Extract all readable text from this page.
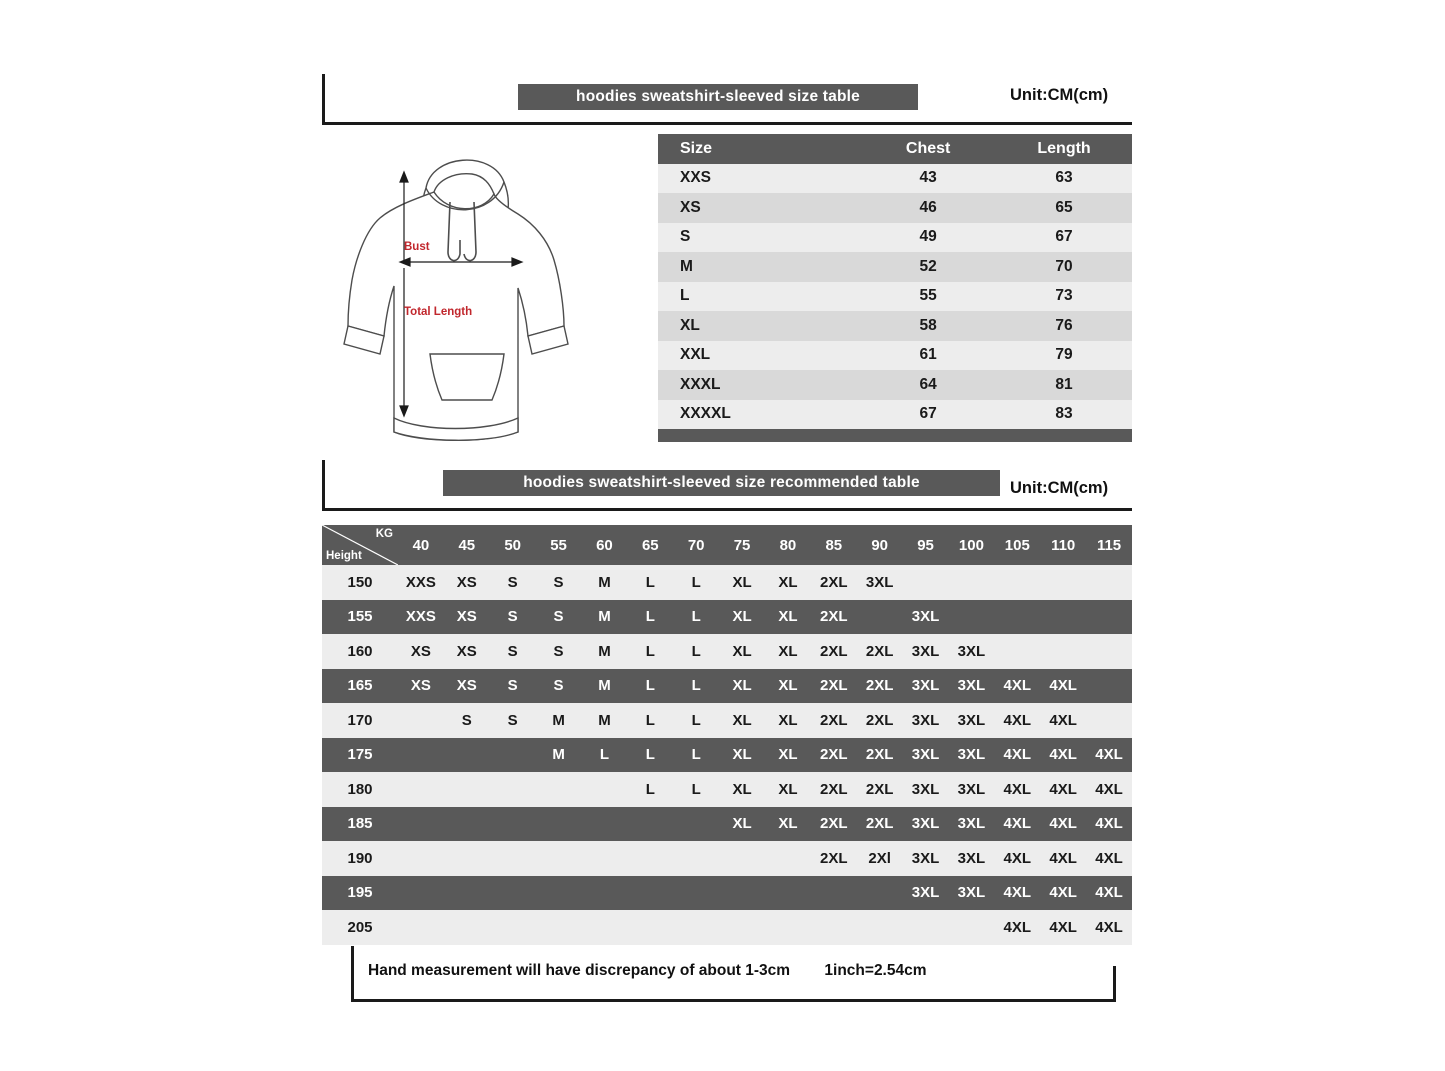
hoodies sweatshirt-sleeved size table	Unit:CM(cm)
Bust
Total Length
Size	Chest	Length
XXS	43	63
XS	46	65
S	49	67
M	52	70
L	55	73
XL	58	76
XXL	61	79
XXXL	64	81
XXXXL	67	83

hoodies sweatshirt-sleeved size recommended table	Unit:CM(cm)
KG
Height	40	45	50	55	60	65	70	75	80	85	90	95	100	105	110	115
150	XXS	XS	S	S	M	L	L	XL	XL	2XL	3XL					
155	XXS	XS	S	S	M	L	L	XL	XL	2XL		3XL				
160	XS	XS	S	S	M	L	L	XL	XL	2XL	2XL	3XL	3XL			
165	XS	XS	S	S	M	L	L	XL	XL	2XL	2XL	3XL	3XL	4XL	4XL	
170		S	S	M	M	L	L	XL	XL	2XL	2XL	3XL	3XL	4XL	4XL	
175				M	L	L	L	XL	XL	2XL	2XL	3XL	3XL	4XL	4XL	4XL
180						L	L	XL	XL	2XL	2XL	3XL	3XL	4XL	4XL	4XL
185								XL	XL	2XL	2XL	3XL	3XL	4XL	4XL	4XL
190										2XL	2Xl	3XL	3XL	4XL	4XL	4XL
195												3XL	3XL	4XL	4XL	4XL
205														4XL	4XL	4XL
Hand measurement will have discrepancy of about 1-3cm 1inch=2.54cm
